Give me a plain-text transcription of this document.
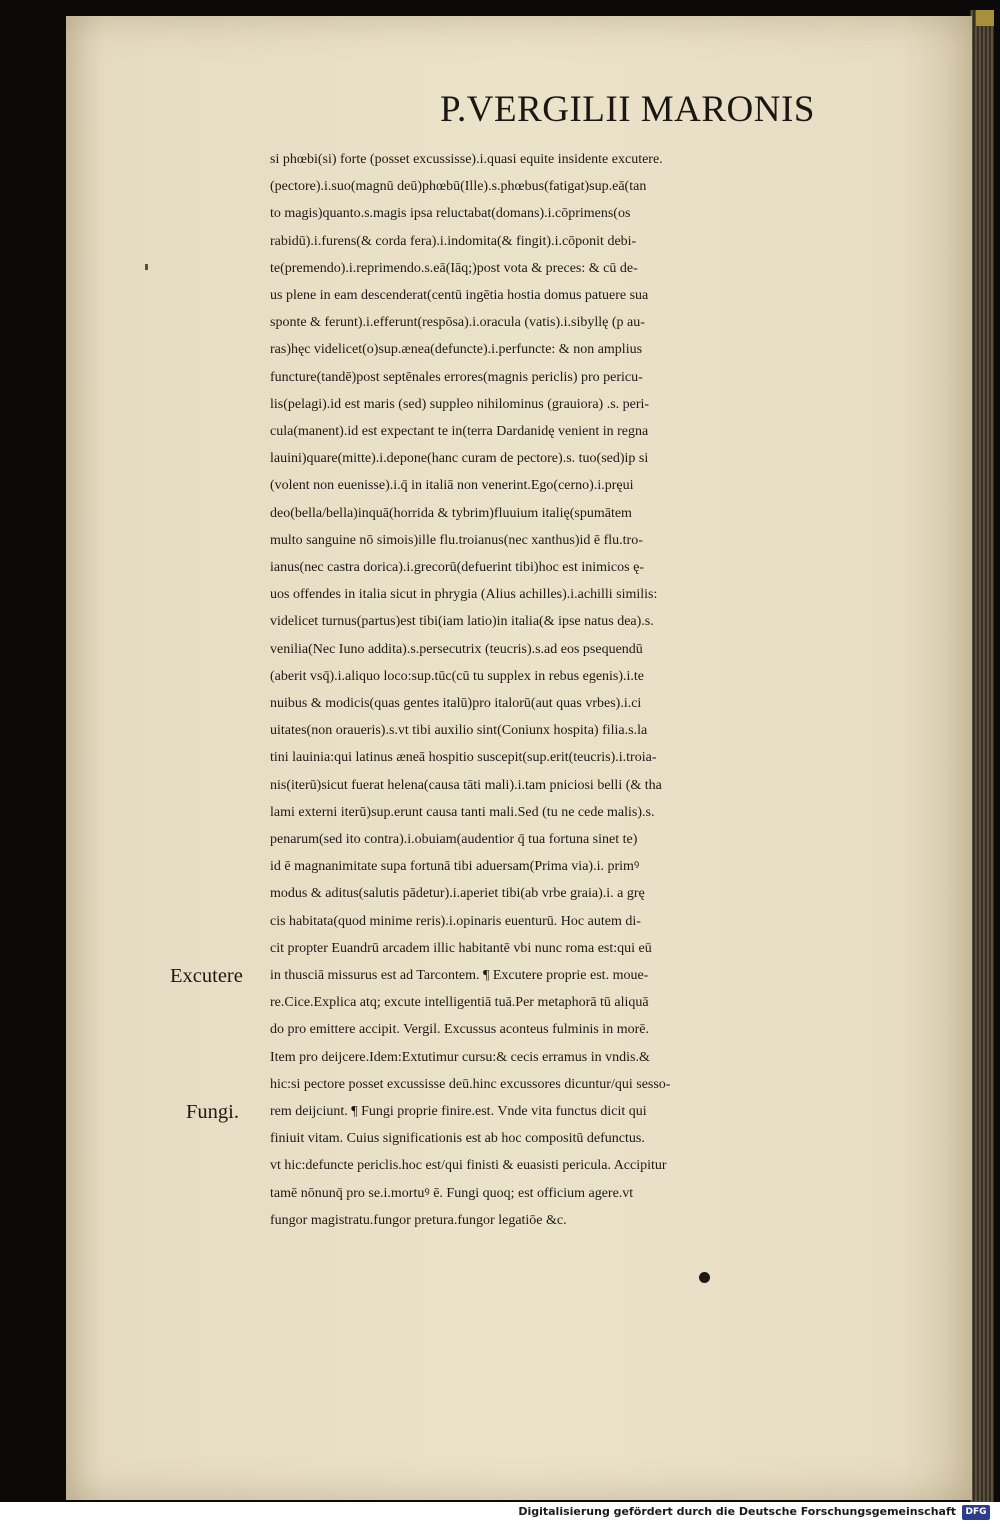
P.VERGILII MARONIS
si phœbi(si) forte (posset excussisse).i.quasi equite insidente excutere.
(pectore).i.suo(magnū deū)phœbū(Ille).s.phœbus(fatigat)sup.eā(tan
to magis)quanto.s.magis ipsa reluctabat(domans).i.cōprimens(os
rabidū).i.furens(& corda fera).i.indomita(& fingit).i.cōponit debi-
te(premendo).i.reprimendo.s.eā(Iāq;)post vota & preces: & cū de-
us plene in eam descenderat(centū ingētia hostia domus patuere sua
sponte & ferunt).i.efferunt(respōsa).i.oracula (vatis).i.sibyllę (p au-
ras)hęc videlicet(o)sup.ænea(defuncte).i.perfuncte: & non amplius
functure(tandē)post septēnales errores(magnis periclis) pro pericu-
lis(pelagi).id est maris (sed) suppleo nihilominus (grauiora) .s. peri-
cula(manent).id est expectant te in(terra Dardanidę venient in regna
lauini)quare(mitte).i.depone(hanc curam de pectore).s. tuo(sed)ip si
(volent non euenisse).i.q̄ in italiā non venerint.Ego(cerno).i.pręui
deo(bella/bella)inquā(horrida & tybrim)fluuium italię(spumātem
multo sanguine nō simois)ille flu.troianus(nec xanthus)id ē flu.tro-
ianus(nec castra dorica).i.grecorū(defuerint tibi)hoc est inimicos ę-
uos offendes in italia sicut in phrygia (Alius achilles).i.achilli similis:
videlicet turnus(partus)est tibi(iam latio)in italia(& ipse natus dea).s.
venilia(Nec Iuno addita).s.persecutrix (teucris).s.ad eos psequendū
(aberit vsq̄).i.aliquo loco:sup.tūc(cū tu supplex in rebus egenis).i.te
nuibus & modicis(quas gentes italū)pro italorū(aut quas vrbes).i.ci
uitates(non oraueris).s.vt tibi auxilio sint(Coniunx hospita) filia.s.la
tini lauinia:qui latinus æneā hospitio suscepit(sup.erit(teucris).i.troia-
nis(iterū)sicut fuerat helena(causa tāti mali).i.tam pniciosi belli (& tha
lami externi iterū)sup.erunt causa tanti mali.Sed (tu ne cede malis).s.
penarum(sed ito contra).i.obuiam(audentior q̄ tua fortuna sinet te)
id ē magnanimitate supa fortunā tibi aduersam(Prima via).i. primꝰ
modus & aditus(salutis pādetur).i.aperiet tibi(ab vrbe graia).i. a grę
cis habitata(quod minime reris).i.opinaris euenturū. Hoc autem di-
cit propter Euandrū arcadem illic habitantē vbi nunc roma est:qui eū
in thusciā missurus est ad Tarcontem. ¶ Excutere proprie est. moue-
re.Cice.Explica atq; excute intelligentiā tuā.Per metaphorā tū aliquā
do pro emittere accipit. Vergil. Excussus aconteus fulminis in morē.
Item pro deijcere.Idem:Extutimur cursu:& cecis erramus in vndis.&
hic:si pectore posset excussisse deū.hinc excussores dicuntur/qui sesso-
rem deijciunt. ¶ Fungi proprie finire.est. Vnde vita functus dicit qui
finiuit vitam. Cuius significationis est ab hoc compositū defunctus.
vt hic:defuncte periclis.hoc est/qui finisti & euasisti pericula. Accipitur
tamē nōnunq̄ pro se.i.mortuꝰ ē. Fungi quoq; est officium agere.vt
fungor magistratu.fungor pretura.fungor legatiōe &c.
Excutere
Fungi.
Digitalisierung gefördert durch die Deutsche Forschungsgemeinschaft	DFG
